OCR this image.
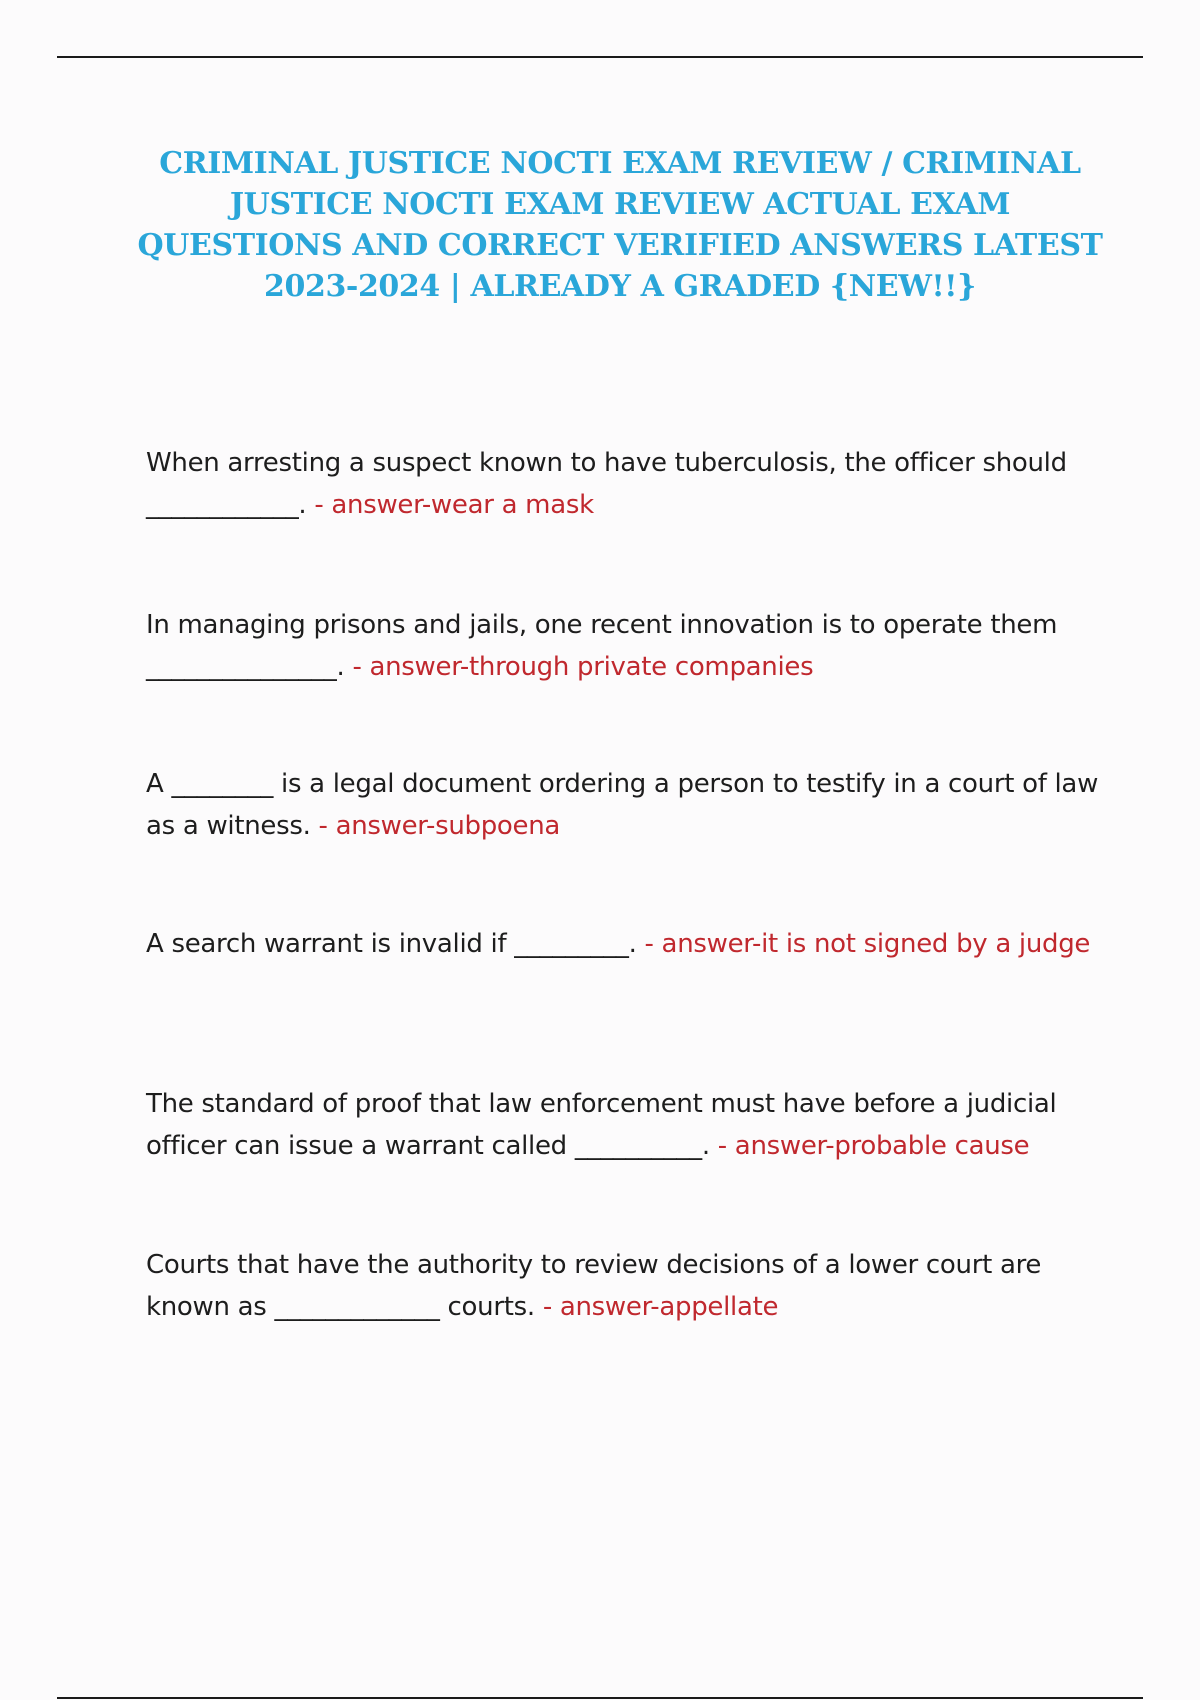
CRIMINAL JUSTICE NOCTI EXAM REVIEW / CRIMINAL JUSTICE NOCTI EXAM REVIEW ACTUAL EXAM QUESTIONS AND CORRECT VERIFIED ANSWERS LATEST 2023-2024 | ALREADY A GRADED {NEW!!}

When arresting a suspect known to have tuberculosis, the officer should ____________. - answer-wear a mask

In managing prisons and jails, one recent innovation is to operate them _______________. - answer-through private companies

A ________ is a legal document ordering a person to testify in a court of law as a witness. - answer-subpoena

A search warrant is invalid if _________. - answer-it is not signed by a judge

The standard of proof that law enforcement must have before a judicial officer can issue a warrant called __________. - answer-probable cause

Courts that have the authority to review decisions of a lower court are known as _____________ courts. - answer-appellate
